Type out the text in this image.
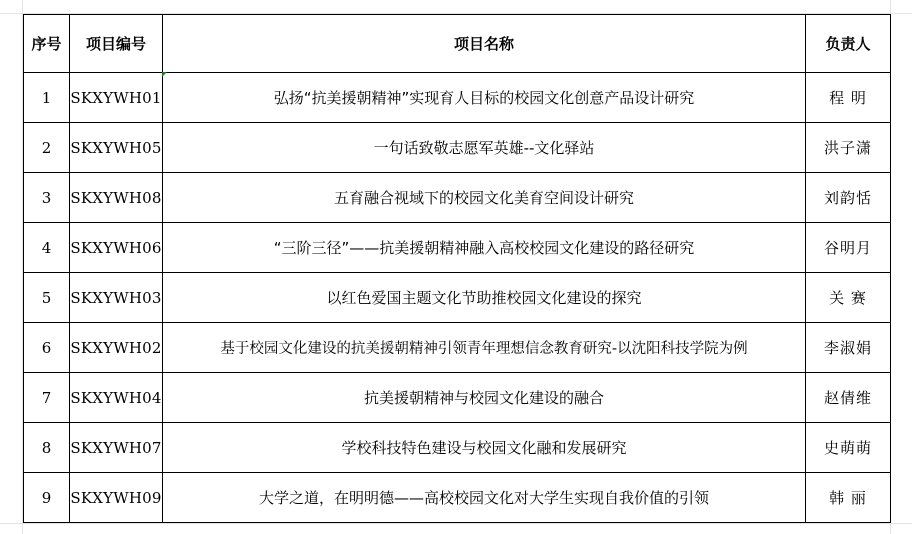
序号	项目编号	项目名称	负责人
1	SKXYWH01	弘扬“抗美援朝精神”实现育人目标的校园文化创意产品设计研究	程 明
2	SKXYWH05	一句话致敬志愿军英雄--文化驿站	洪子潇
3	SKXYWH08	五育融合视域下的校园文化美育空间设计研究	刘韵恬
4	SKXYWH06	“三阶三径”——抗美援朝精神融入高校校园文化建设的路径研究	谷明月
5	SKXYWH03	以红色爱国主题文化节助推校园文化建设的探究	关 赛
6	SKXYWH02	基于校园文化建设的抗美援朝精神引领青年理想信念教育研究-以沈阳科技学院为例	李淑娟
7	SKXYWH04	抗美援朝精神与校园文化建设的融合	赵倩维
8	SKXYWH07	学校科技特色建设与校园文化融和发展研究	史萌萌
9	SKXYWH09	大学之道，在明明德——高校校园文化对大学生实现自我价值的引领	韩 丽
